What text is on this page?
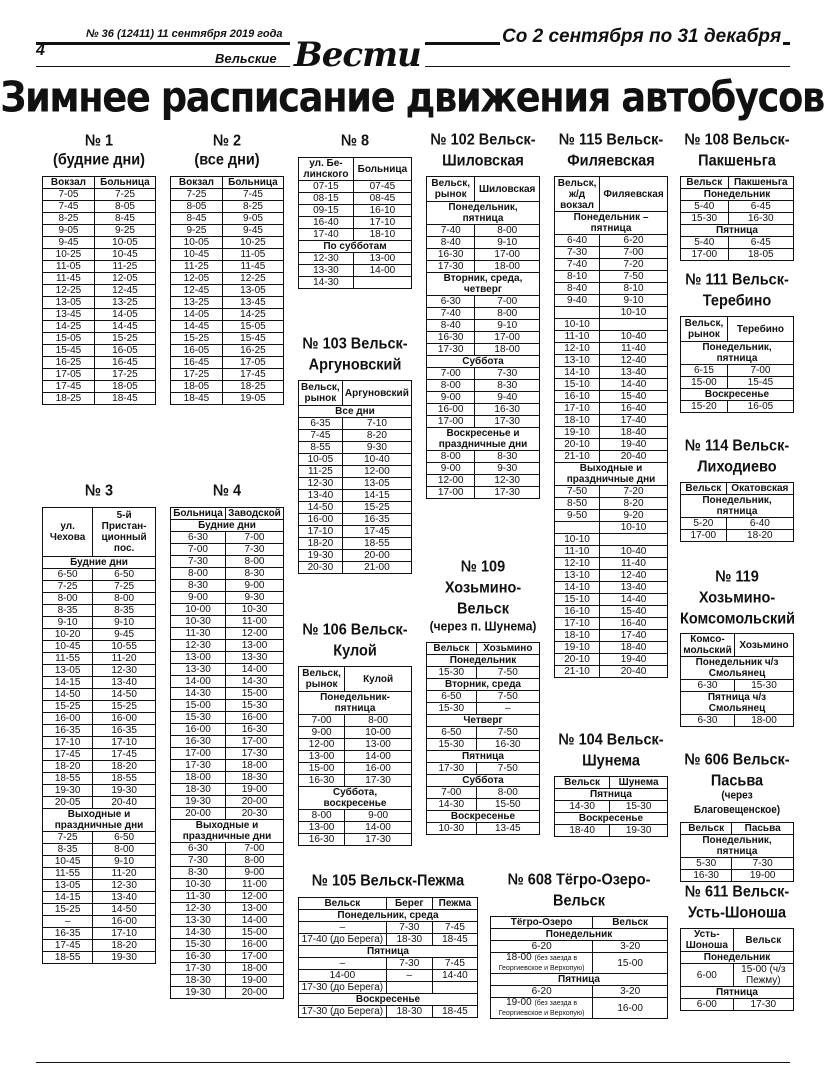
4
№ 36 (12411) 11 сентября 2019 года
Вельские Вести	Со 2 сентября по 31 декабря
Зимнее расписание движения автобусов
№ 1
(будние дни)
Вокзал	Больница
7-05	7-25
7-45	8-05
8-25	8-45
9-05	9-25
9-45	10-05
10-25	10-45
11-05	11-25
11-45	12-05
12-25	12-45
13-05	13-25
13-45	14-05
14-25	14-45
15-05	15-25
15-45	16-05
16-25	16-45
17-05	17-25
17-45	18-05
18-25	18-45
№ 2
(все дни)
Вокзал	Больница
7-25	7-45
8-05	8-25
8-45	9-05
9-25	9-45
10-05	10-25
10-45	11-05
11-25	11-45
12-05	12-25
12-45	13-05
13-25	13-45
14-05	14-25
14-45	15-05
15-25	15-45
16-05	16-25
16-45	17-05
17-25	17-45
18-05	18-25
18-45	19-05
№ 3
ул. Чехова	5-й Пристан-ционный пос.
Будние дни	
6-50	6-50
7-25	7-25
8-00	8-00
8-35	8-35
9-10	9-10
10-20	9-45
10-45	10-55
11-55	11-20
13-05	12-30
14-15	13-40
14-50	14-50
15-25	15-25
16-00	16-00
16-35	16-35
17-10	17-10
17-45	17-45
18-20	18-20
18-55	18-55
19-30	19-30
20-05	20-40
Выходные и праздничные дни	
7-25	6-50
8-35	8-00
10-45	9-10
11-55	11-20
13-05	12-30
14-15	13-40
15-25	14-50
–	16-00
16-35	17-10
17-45	18-20
18-55	19-30
№ 4
Больница	Заводской
Будние дни	
6-30	7-00
7-00	7-30
7-30	8-00
8-00	8-30
8-30	9-00
9-00	9-30
10-00	10-30
10-30	11-00
11-30	12-00
12-30	13-00
13-00	13-30
13-30	14-00
14-00	14-30
14-30	15-00
15-00	15-30
15-30	16-00
16-00	16-30
16-30	17-00
17-00	17-30
17-30	18-00
18-00	18-30
18-30	19-00
19-30	20-00
20-00	20-30
Выходные и праздничные дни	
6-30	7-00
7-30	8-00
8-30	9-00
10-30	11-00
11-30	12-00
12-30	13-00
13-30	14-00
14-30	15-00
15-30	16-00
16-30	17-00
17-30	18-00
18-30	19-00
19-30	20-00
№ 8
ул. Бе-линского	Больница
07-15	07-45
08-15	08-45
09-15	16-10
16-40	17-10
17-40	18-10
По субботам	
12-30	13-00
13-30	14-00
14-30	
№ 103 Вельск-Аргуновский
Вельск, рынок	Аргуновский
Все дни	
6-35	7-10
7-45	8-20
8-55	9-30
10-05	10-40
11-25	12-00
12-30	13-05
13-40	14-15
14-50	15-25
16-00	16-35
17-10	17-45
18-20	18-55
19-30	20-00
20-30	21-00
№ 106 Вельск-Кулой
Вельск, рынок	Кулой
Понедельник-пятница	
7-00	8-00
9-00	10-00
12-00	13-00
13-00	14-00
15-00	16-00
16-30	17-30
Суббота, воскресенье	
8-00	9-00
13-00	14-00
16-30	17-30
№ 102 Вельск-Шиловская
Вельск, рынок	Шиловская
Понедельник, пятница	
7-40	8-00
8-40	9-10
16-30	17-00
17-30	18-00
Вторник, среда, четверг	
6-30	7-00
7-40	8-00
8-40	9-10
16-30	17-00
17-30	18-00
Суббота	
7-00	7-30
8-00	8-30
9-00	9-40
16-00	16-30
17-00	17-30
Воскресенье и праздничные дни	
8-00	8-30
9-00	9-30
12-00	12-30
17-00	17-30
№ 109 Хозьмино-Вельск
(через п. Шунема)
Вельск	Хозьмино
Понедельник	
15-30	7-50
Вторник, среда	
6-50	7-50
15-30	–
Четверг	
6-50	7-50
15-30	16-30
Пятница	
17-30	7-50
Суббота	
7-00	8-00
14-30	15-50
Воскресенье	
10-30	13-45
№ 105 Вельск-Пежма
Вельск	Берег	Пежма
Понедельник, среда		
–	7-30	7-45
17-40 (до Берега)	18-30	18-45
Пятница		
–	7-30	7-45
14-00	–	14-40
17-30 (до Берега)		
Воскресенье		
17-30 (до Берега)	18-30	18-45
№ 115 Вельск-Филяевская
Вельск, ж/д вокзал	Филяевская
Понедельник – пятница	
6-40	6-20
7-30	7-00
7-40	7-20
8-10	7-50
8-40	8-10
9-40	9-10
	10-10
10-10	
11-10	10-40
12-10	11-40
13-10	12-40
14-10	13-40
15-10	14-40
16-10	15-40
17-10	16-40
18-10	17-40
19-10	18-40
20-10	19-40
21-10	20-40
Выходные и праздничные дни	
7-50	7-20
8-50	8-20
9-50	9-20
	10-10
10-10	
11-10	10-40
12-10	11-40
13-10	12-40
14-10	13-40
15-10	14-40
16-10	15-40
17-10	16-40
18-10	17-40
19-10	18-40
20-10	19-40
21-10	20-40
№ 104 Вельск-Шунема
Вельск	Шунема
Пятница	
14-30	15-30
Воскресенье	
18-40	19-30
№ 608 Тёгро-Озеро-Вельск
Тёгро-Озеро	Вельск
Понедельник	
6-20	3-20
18-00 (без заезда в Георгиевское и Верхопую)	15-00
Пятница	
6-20	3-20
19-00 (без заезда в Георгиевское и Верхопую)	16-00
№ 108 Вельск-Пакшеньга
Вельск	Пакшеньга
Понедельник	
5-40	6-45
15-30	16-30
Пятница	
5-40	6-45
17-00	18-05
№ 111 Вельск-Теребино
Вельск, рынок	Теребино
Понедельник, пятница	
6-15	7-00
15-00	15-45
Воскресенье	
15-20	16-05
№ 114 Вельск-Лиходиево
Вельск	Окатовская
Понедельник, пятница	
5-20	6-40
17-00	18-20
№ 119 Хозьмино-Комсомольский
Комсо-мольский	Хозьмино
Понедельник ч/з Смольянец	
6-30	15-30
Пятница ч/з Смольянец	
6-30	18-00
№ 606 Вельск-Пасьва
(через Благовещенское)
Вельск	Пасьва
Понедельник, пятница	
5-30	7-30
16-30	19-00
№ 611 Вельск-Усть-Шоноша
Усть-Шоноша	Вельск
Понедельник	
6-00	15-00 (ч/з Пежму)
Пятница	
6-00	17-30
